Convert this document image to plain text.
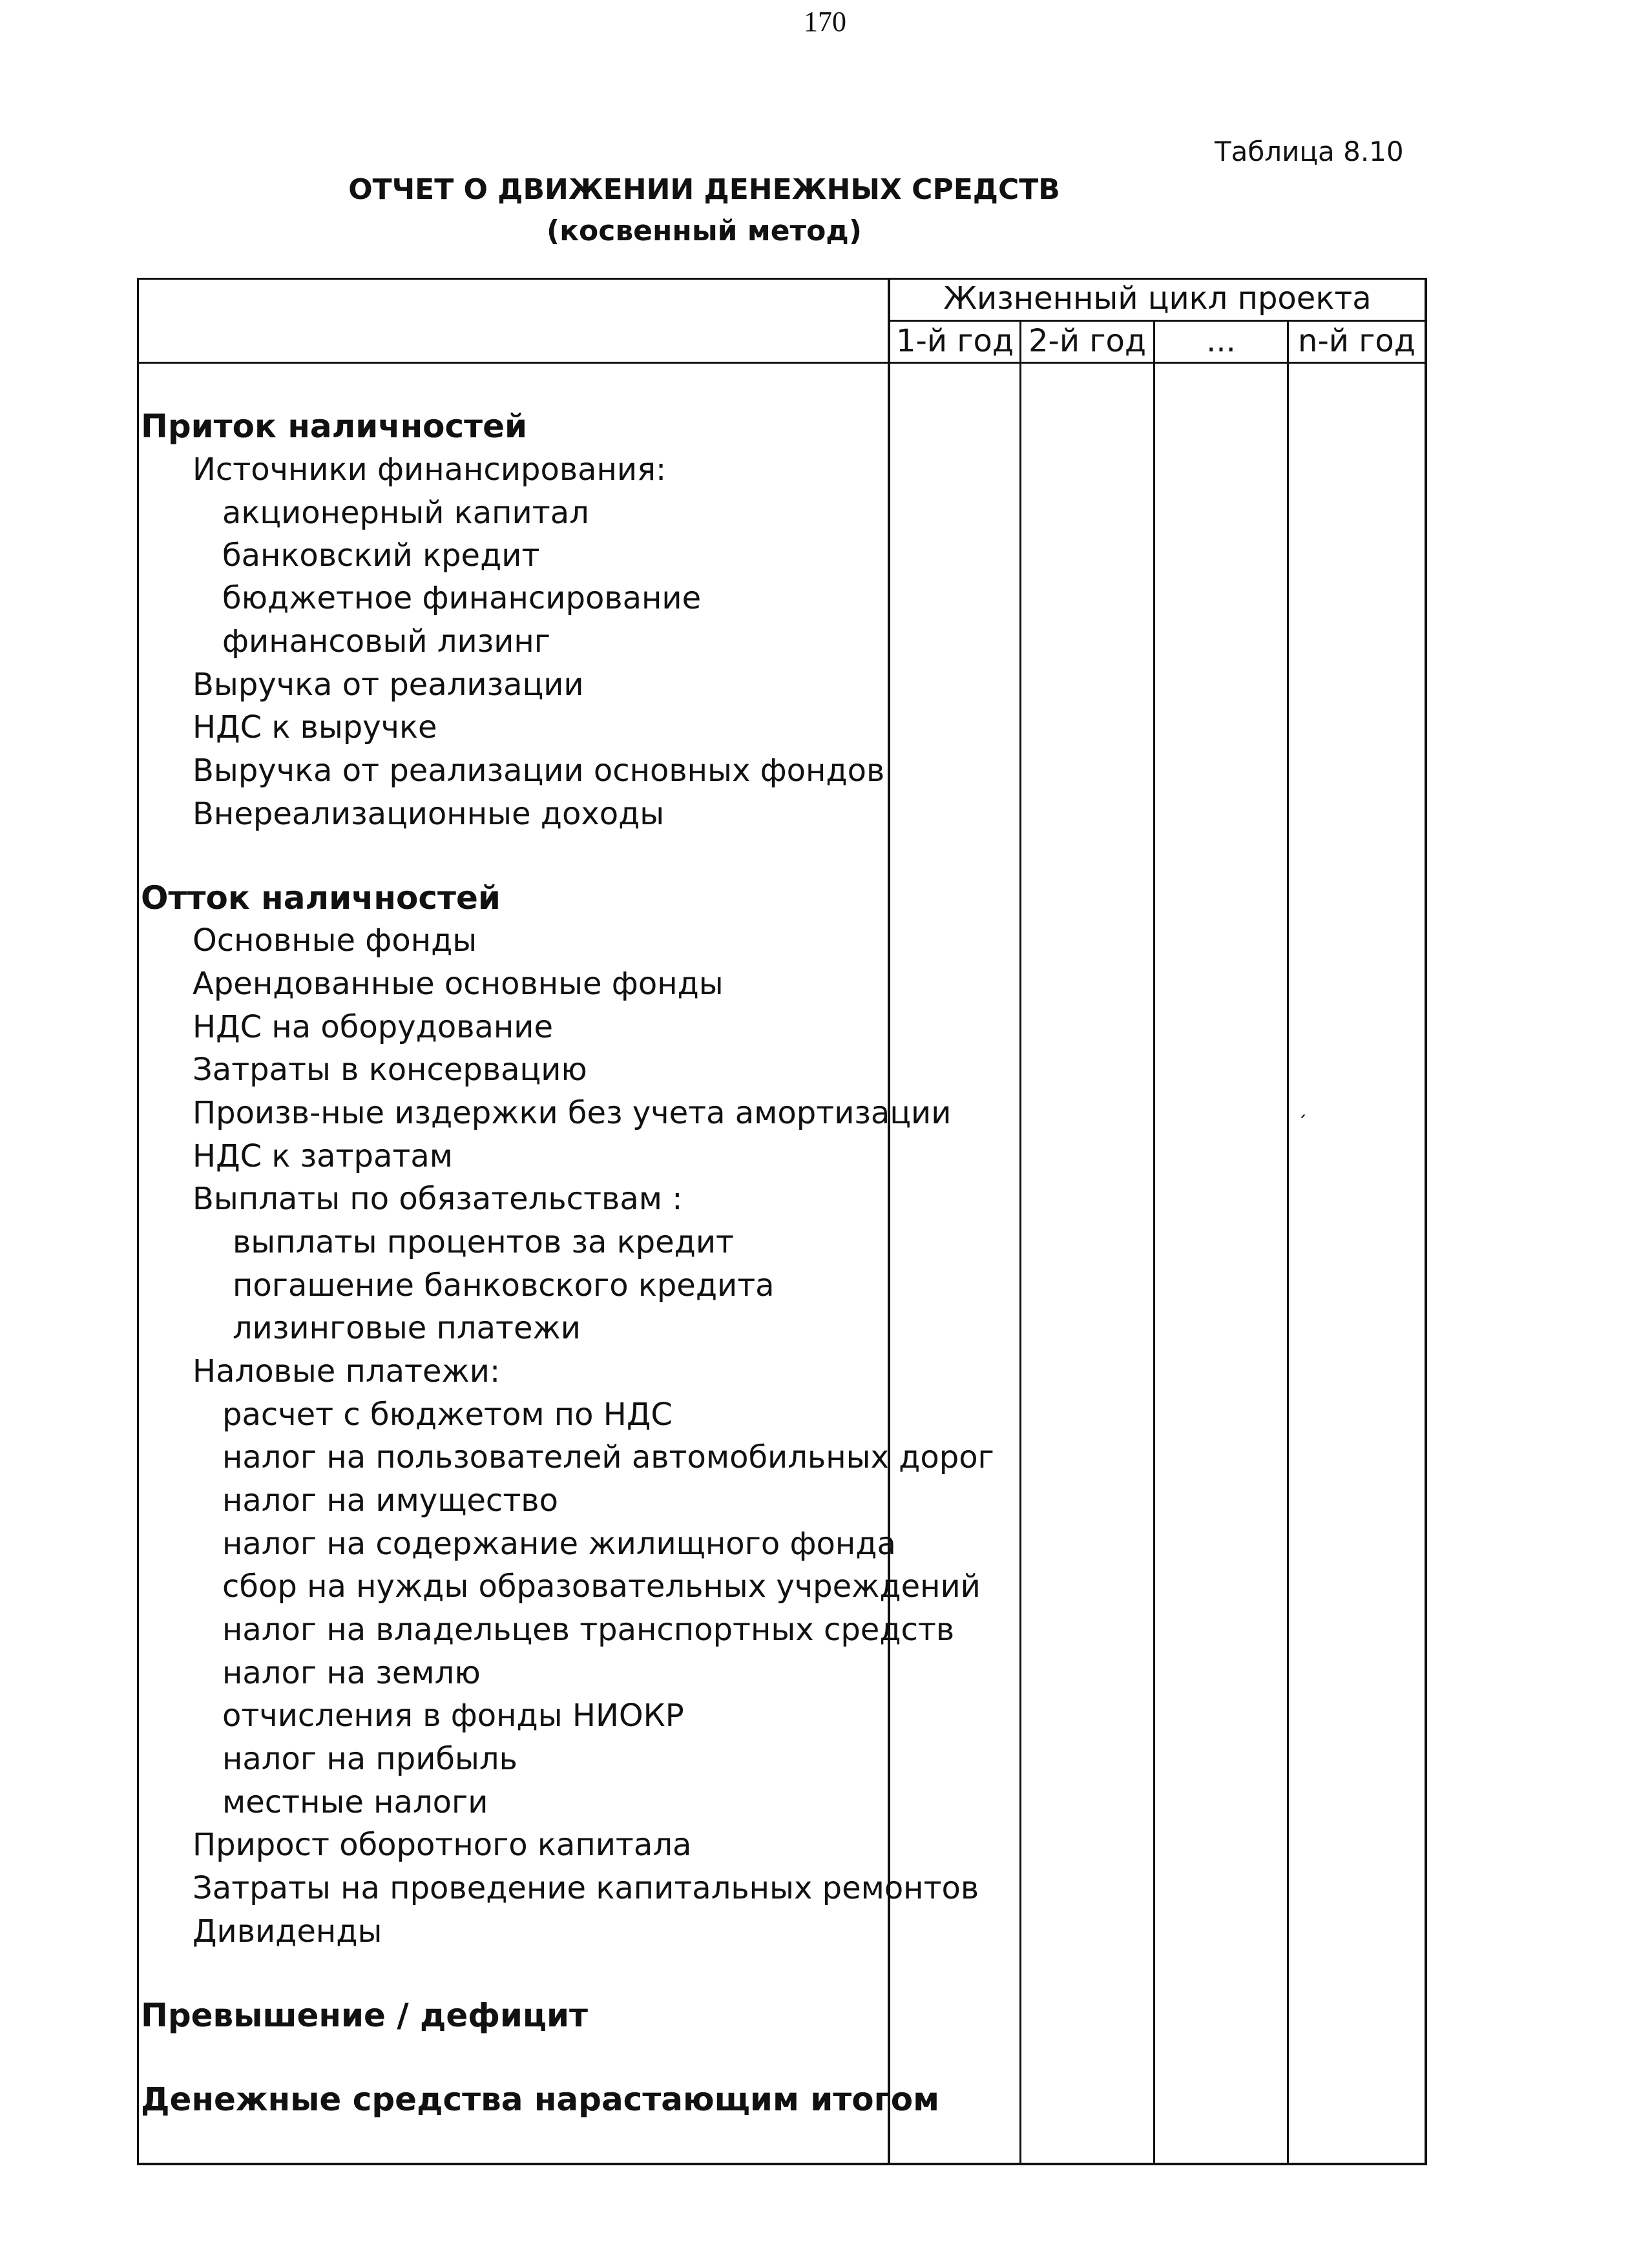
170
Таблица 8.10
ОТЧЕТ О ДВИЖЕНИИ ДЕНЕЖНЫХ СРЕДСТВ
(косвенный метод)
Жизненный цикл проекта
1-й год 2-й год	...	n-й год
Приток наличностей
Источники финансирования:
акционерный капитал
банковский кредит
бюджетное финансирование
финансовый лизинг
Выручка от реализации
НДС к выручке
Выручка от реализации основных фондов
Внереализационные доходы
Отток наличностей
Основные фонды
Арендованные основные фонды
НДС на оборудование
Затраты в консервацию
Произв-ные издержки без учета амортизации
НДС к затратам
Выплаты по обязательствам :
выплаты процентов за кредит
погашение банковского кредита
лизинговые платежи
Наловые платежи:
расчет с бюджетом по НДС
налог на пользователей автомобильных дорог
налог на имущество
налог на содержание жилищного фонда
сбор на нужды образовательных учреждений
налог на владельцев транспортных средств
налог на землю
отчисления в фонды НИОКР
налог на прибыль
местные налоги
Прирост оборотного капитала
Затраты на проведение капитальных ремонтов
Дивиденды
Превышение / дефицит
Денежные средства нарастающим итогом
ˏ
